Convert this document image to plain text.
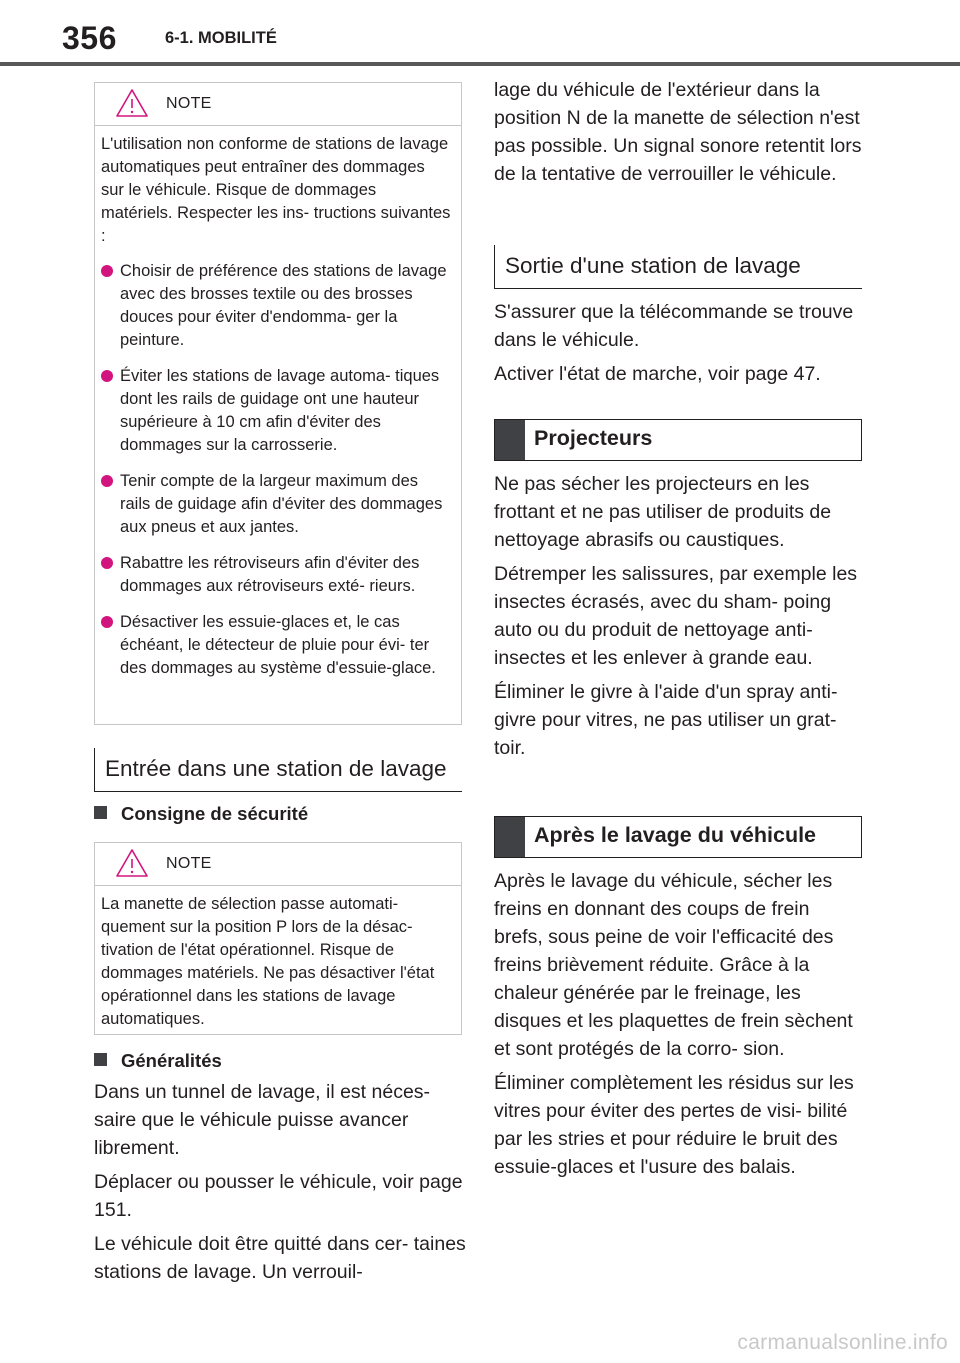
356	6-1. MOBILITÉ
NOTE

L'utilisation non conforme de stations de lavage automatiques peut entraîner des dommages sur le véhicule. Risque de dommages matériels. Respecter les ins- tructions suivantes :

Choisir de préférence des stations de lavage avec des brosses textile ou des brosses douces pour éviter d'endomma- ger la peinture.
Éviter les stations de lavage automa- tiques dont les rails de guidage ont une hauteur supérieure à 10 cm afin d'éviter des dommages sur la carrosserie.
Tenir compte de la largeur maximum des rails de guidage afin d'éviter des dommages aux pneus et aux jantes.
Rabattre les rétroviseurs afin d'éviter des dommages aux rétroviseurs exté- rieurs.
Désactiver les essuie-glaces et, le cas échéant, le détecteur de pluie pour évi- ter des dommages au système d'essuie-glace.
Entrée dans une station de lavage
Consigne de sécurité
NOTE

La manette de sélection passe automati- quement sur la position P lors de la désac- tivation de l'état opérationnel. Risque de dommages matériels. Ne pas désactiver l'état opérationnel dans les stations de lavage automatiques.

Généralités

Dans un tunnel de lavage, il est néces- saire que le véhicule puisse avancer librement.

Déplacer ou pousser le véhicule, voir page 151.

Le véhicule doit être quitté dans cer- taines stations de lavage. Un verrouil-

lage du véhicule de l'extérieur dans la position N de la manette de sélection n'est pas possible. Un signal sonore retentit lors de la tentative de verrouiller le véhicule.

Sortie d'une station de lavage

S'assurer que la télécommande se trouve dans le véhicule.

Activer l'état de marche, voir page 47.

Projecteurs

Ne pas sécher les projecteurs en les frottant et ne pas utiliser de produits de nettoyage abrasifs ou caustiques.

Détremper les salissures, par exemple les insectes écrasés, avec du sham- poing auto ou du produit de nettoyage anti-insectes et les enlever à grande eau.

Éliminer le givre à l'aide d'un spray anti- givre pour vitres, ne pas utiliser un grat- toir.

Après le lavage du véhicule

Après le lavage du véhicule, sécher les freins en donnant des coups de frein brefs, sous peine de voir l'efficacité des freins brièvement réduite. Grâce à la chaleur générée par le freinage, les disques et les plaquettes de frein sèchent et sont protégés de la corro- sion.

Éliminer complètement les résidus sur les vitres pour éviter des pertes de visi- bilité par les stries et pour réduire le bruit des essuie-glaces et l'usure des balais.

carmanualsonline.info
